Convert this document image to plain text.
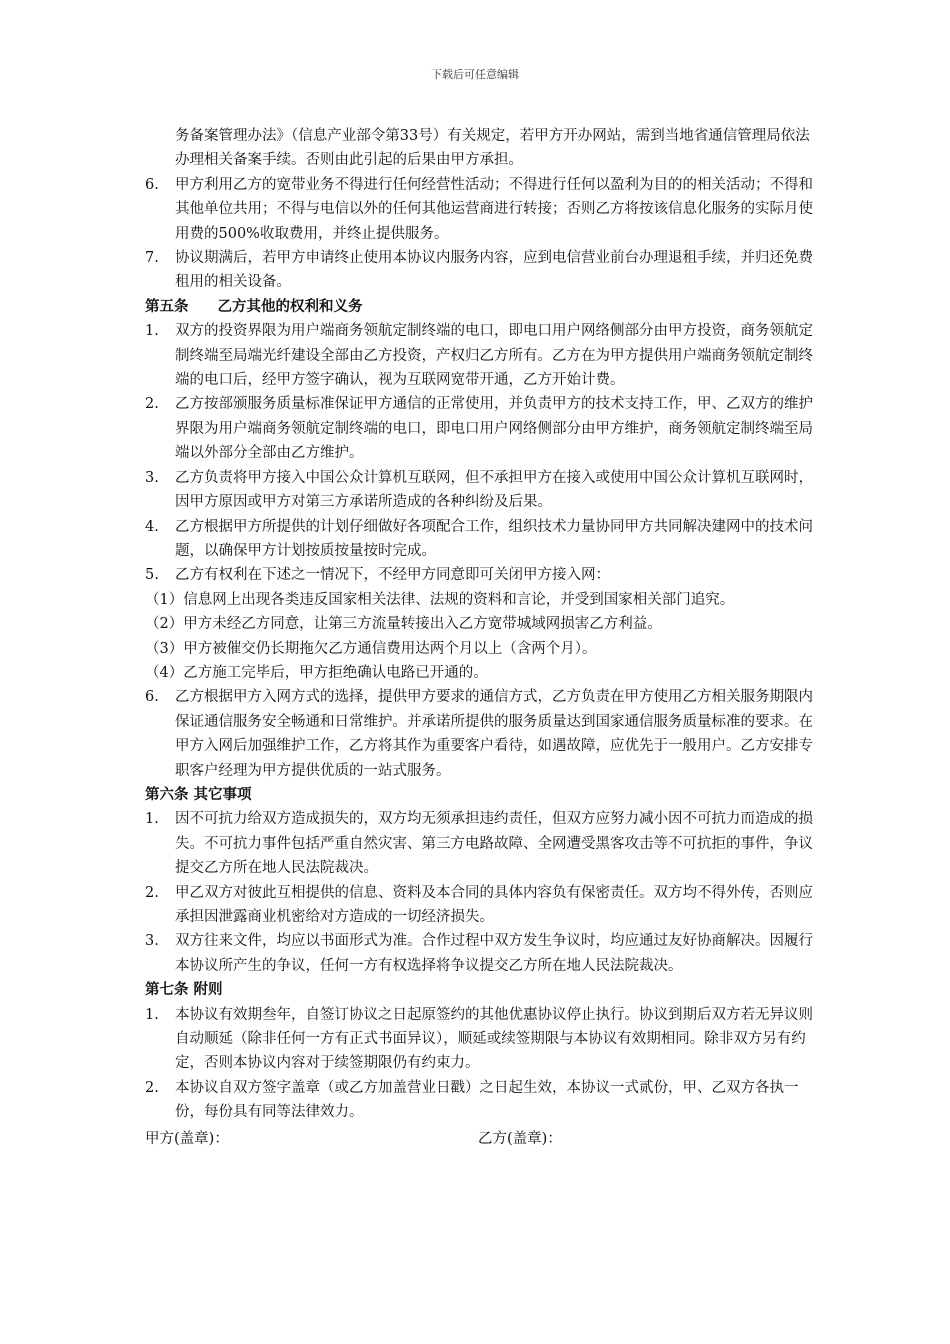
下载后可任意编辑

务备案管理办法》（信息产业部令第33号）有关规定，若甲方开办网站，需到当地省通信管理局依法办理相关备案手续。否则由此引起的后果由甲方承担。

6. 甲方利用乙方的宽带业务不得进行任何经营性活动；不得进行任何以盈利为目的的相关活动；不得和其他单位共用；不得与电信以外的任何其他运营商进行转接；否则乙方将按该信息化服务的实际月使用费的500%收取费用，并终止提供服务。
7. 协议期满后，若甲方申请终止使用本协议内服务内容，应到电信营业前台办理退租手续，并归还免费租用的相关设备。

第五条　　乙方其他的权利和义务

1. 双方的投资界限为用户端商务领航定制终端的电口，即电口用户网络侧部分由甲方投资，商务领航定制终端至局端光纤建设全部由乙方投资，产权归乙方所有。乙方在为甲方提供用户端商务领航定制终端的电口后，经甲方签字确认，视为互联网宽带开通，乙方开始计费。
2. 乙方按部颁服务质量标准保证甲方通信的正常使用，并负责甲方的技术支持工作，甲、乙双方的维护界限为用户端商务领航定制终端的电口，即电口用户网络侧部分由甲方维护，商务领航定制终端至局端以外部分全部由乙方维护。
3. 乙方负责将甲方接入中国公众计算机互联网，但不承担甲方在接入或使用中国公众计算机互联网时，因甲方原因或甲方对第三方承诺所造成的各种纠纷及后果。
4. 乙方根据甲方所提供的计划仔细做好各项配合工作，组织技术力量协同甲方共同解决建网中的技术问题，以确保甲方计划按质按量按时完成。
5. 乙方有权利在下述之一情况下，不经甲方同意即可关闭甲方接入网：

（1）信息网上出现各类违反国家相关法律、法规的资料和言论，并受到国家相关部门追究。

（2）甲方未经乙方同意，让第三方流量转接出入乙方宽带城域网损害乙方利益。

（3）甲方被催交仍长期拖欠乙方通信费用达两个月以上（含两个月）。

（4）乙方施工完毕后，甲方拒绝确认电路已开通的。

6. 乙方根据甲方入网方式的选择，提供甲方要求的通信方式，乙方负责在甲方使用乙方相关服务期限内保证通信服务安全畅通和日常维护。并承诺所提供的服务质量达到国家通信服务质量标准的要求。在甲方入网后加强维护工作，乙方将其作为重要客户看待，如遇故障，应优先于一般用户。乙方安排专职客户经理为甲方提供优质的一站式服务。

第六条 其它事项

1. 因不可抗力给双方造成损失的，双方均无须承担违约责任，但双方应努力减小因不可抗力而造成的损失。不可抗力事件包括严重自然灾害、第三方电路故障、全网遭受黑客攻击等不可抗拒的事件，争议提交乙方所在地人民法院裁决。
2. 甲乙双方对彼此互相提供的信息、资料及本合同的具体内容负有保密责任。双方均不得外传，否则应承担因泄露商业机密给对方造成的一切经济损失。
3. 双方往来文件，均应以书面形式为准。合作过程中双方发生争议时，均应通过友好协商解决。因履行本协议所产生的争议，任何一方有权选择将争议提交乙方所在地人民法院裁决。

第七条 附则

1. 本协议有效期叁年，自签订协议之日起原签约的其他优惠协议停止执行。协议到期后双方若无异议则自动顺延（除非任何一方有正式书面异议），顺延或续签期限与本协议有效期相同。除非双方另有约定，否则本协议内容对于续签期限仍有约束力。
2. 本协议自双方签字盖章（或乙方加盖营业日戳）之日起生效，本协议一式贰份，甲、乙双方各执一份，每份具有同等法律效力。
甲方(盖章)：	乙方(盖章)：
